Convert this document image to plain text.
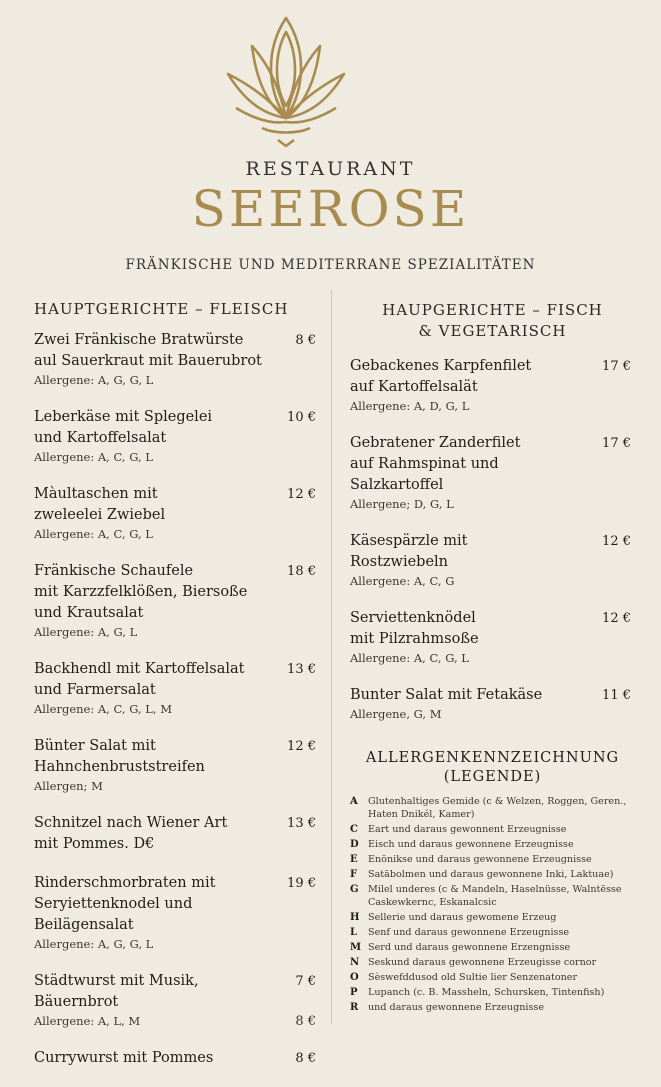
RESTAURANT
SEEROSE
FRÄNKISCHE UND MEDITERRANE SPEZIALITÄTEN
HAUPTGERICHTE – FLEISCH
Zwei Fränkische Bratwürste
aul Sauerkraut mit Bauerubrot
8 €
Allergene: A, G, G, L
Leberkäse mit Splegelei
und Kartoffelsalat
10 €
Allergene: A, C, G, L
Màultaschen mit
zweleelei Zwiebel
12 €
Allergene: A, C, G, L
Fränkische Schaufele
mit Karzzfelklößen, Biersoße
und Krautsalat
18 €
Allergene: A, G, L
Backhendl mit Kartoffelsalat
und Farmersalat
13 €
Allergene: A, C, G, L, M
Bünter Salat mit
Hahnchenbruststreifen
12 €
Allergen; M
Schnitzel nach Wiener Art
mit Pommes. D€
13 €
Rinderschmorbraten mit
Seryiettenknodel und
Beilägensalat
19 €
Allergene: A, G, G, L
Städtwurst mit Musik, Bäuernbrot
7 €
Allergene: A, L, M	8 €
Currywurst mit Pommes	8 €
HAUPGERICHTE – FISCH
& VEGETARISCH
Gebackenes Karpfenfilet
auf Kartoffelsalät
17 €
Allergene: A, D, G, L
Gebratener Zanderfilet
auf Rahmspinat und Salzkartoffel
17 €
Allergene; D, G, L
Käsespärzle mit
Rostzwiebeln
12 €
Allergene: A, C, G
Serviettenknödel
mit Pilzrahmsoße
12 €
Allergene: A, C, G, L
Bunter Salat mit Fetakäse	11 €
Allergene, G, M
ALLERGENKENNZEICHNUNG
(LEGENDE)
A	Glutenhaltiges Gemide (c & Welzen, Roggen, Geren., Haten Dnikél, Kamer)
C	Eart und daraus gewonnent Erzeugnisse
D Eisch und daraus gewonnene Erzeugnisse
E	Enönikse und daraus gewonnene Erzeugnisse
F	Satäbolmen und daraus gewonnene Inki, Laktuae)
G Milel underes (c & Mandeln, Haselnüsse, Walntësse Caskewkernc, Eskanalcsic
H Sellerie und daraus gewomene Erzeug
L	Senf und daraus gewonnene Erzeugnisse
M Serd und daraus gewonnene Erzengnisse
N Seskund daraus gewonnene Erzeugisse cornor
O Sèswefddusod old Sultie lier Senzenatoner
P	Lupanch (c. B. Massheln, Schursken, Tintenfish)
R	und daraus gewonnene Erzeugnisse
